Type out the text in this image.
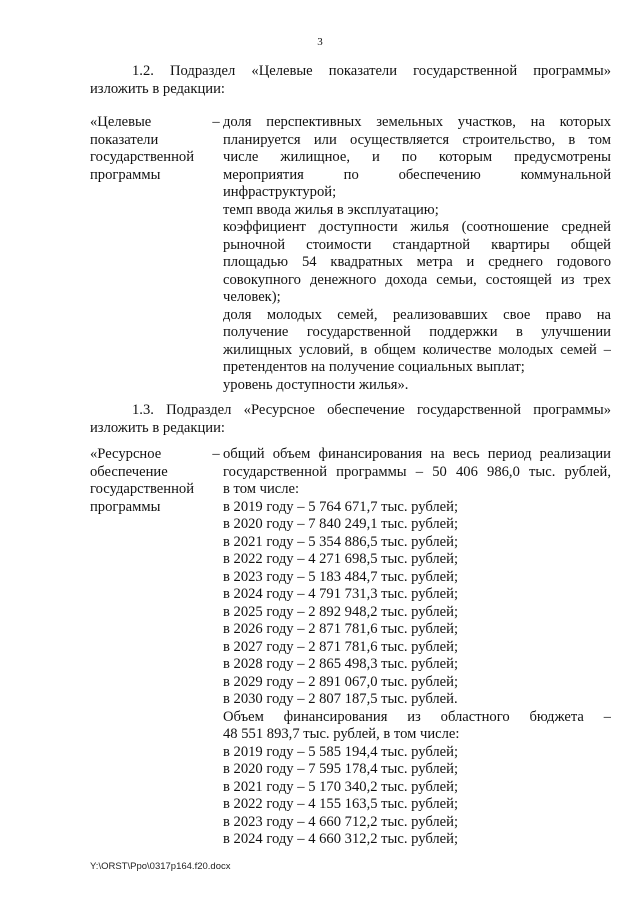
3
1.2. Подраздел «Целевые показатели государственной программы»
изложить в редакции:
«Целевые
показатели
государственной
программы
– доля перспективных земельных участков, на которых
планируется или осуществляется строительство, в том
числе жилищное, и по которым предусмотрены
мероприятия по обеспечению коммунальной
инфраструктурой;
темп ввода жилья в эксплуатацию;
коэффициент доступности жилья (соотношение средней
рыночной стоимости стандартной квартиры общей
площадью 54 квадратных метра и среднего годового
совокупного денежного дохода семьи, состоящей из трех
человек);
доля молодых семей, реализовавших свое право на
получение государственной поддержки в улучшении
жилищных условий, в общем количестве молодых семей –
претендентов на получение социальных выплат;
уровень доступности жилья».
1.3. Подраздел «Ресурсное обеспечение государственной программы»
изложить в редакции:
«Ресурсное
обеспечение
государственной
программы
– общий объем финансирования на весь период реализации
государственной программы – 50 406 986,0 тыс. рублей,
в том числе:
в 2019 году – 5 764 671,7 тыс. рублей;
в 2020 году – 7 840 249,1 тыс. рублей;
в 2021 году – 5 354 886,5 тыс. рублей;
в 2022 году – 4 271 698,5 тыс. рублей;
в 2023 году – 5 183 484,7 тыс. рублей;
в 2024 году – 4 791 731,3 тыс. рублей;
в 2025 году – 2 892 948,2 тыс. рублей;
в 2026 году – 2 871 781,6 тыс. рублей;
в 2027 году – 2 871 781,6 тыс. рублей;
в 2028 году – 2 865 498,3 тыс. рублей;
в 2029 году – 2 891 067,0 тыс. рублей;
в 2030 году – 2 807 187,5 тыс. рублей.
Объем финансирования из областного бюджета –
48 551 893,7 тыс. рублей, в том числе:
в 2019 году – 5 585 194,4 тыс. рублей;
в 2020 году – 7 595 178,4 тыс. рублей;
в 2021 году – 5 170 340,2 тыс. рублей;
в 2022 году – 4 155 163,5 тыс. рублей;
в 2023 году – 4 660 712,2 тыс. рублей;
в 2024 году – 4 660 312,2 тыс. рублей;
Y:\ORST\Ppo\0317p164.f20.docx
